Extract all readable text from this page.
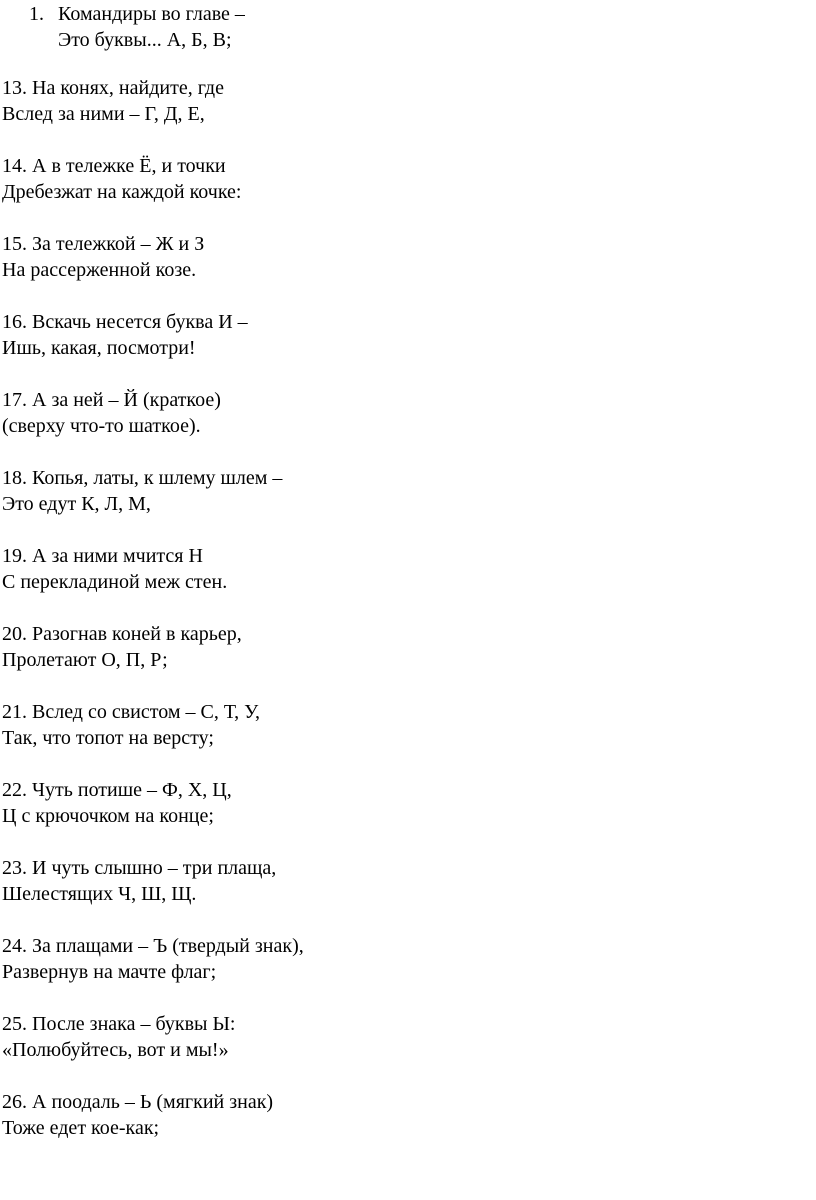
1. Командиры во главе –
Это буквы... А, Б, В;
13. На конях, найдите, где
Вслед за ними – Г, Д, Е,
14. А в тележке Ё, и точки
Дребезжат на каждой кочке:
15. За тележкой – Ж и З
На рассерженной козе.
16. Вскачь несется буква И –
Ишь, какая, посмотри!
17. А за ней – Й (краткое)
(сверху что-то шаткое).
18. Копья, латы, к шлему шлем –
Это едут К, Л, М,
19. А за ними мчится Н
С перекладиной меж стен.
20. Разогнав коней в карьер,
Пролетают О, П, Р;
21. Вслед со свистом – С, Т, У,
Так, что топот на версту;
22. Чуть потише – Ф, Х, Ц,
Ц с крючочком на конце;
23. И чуть слышно – три плаща,
Шелестящих Ч, Ш, Щ.
24. За плащами – Ъ (твердый знак),
Развернув на мачте флаг;
25. После знака – буквы Ы:
«Полюбуйтесь, вот и мы!»
26. А поодаль – Ь (мягкий знак)
Тоже едет кое-как;
